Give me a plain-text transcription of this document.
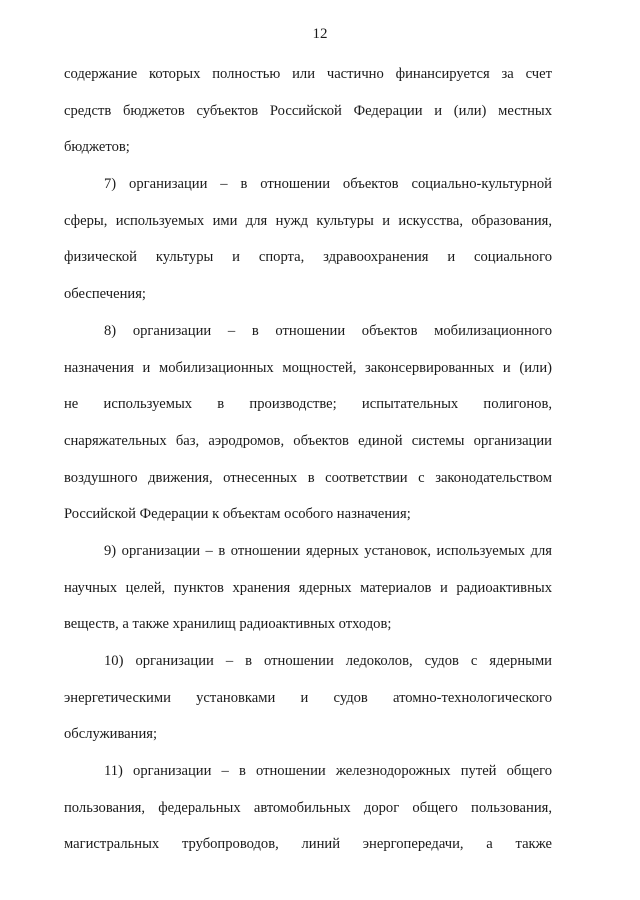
12
содержание которых полностью или частично финансируется за счет
средств бюджетов субъектов Российской Федерации и (или) местных
бюджетов;
7) организации – в отношении объектов социально-культурной
сферы, используемых ими для нужд культуры и искусства, образования,
физической культуры и спорта, здравоохранения и социального
обеспечения;
8) организации – в отношении объектов мобилизационного
назначения и мобилизационных мощностей, законсервированных и (или)
не используемых в производстве; испытательных полигонов,
снаряжательных баз, аэродромов, объектов единой системы организации
воздушного движения, отнесенных в соответствии с законодательством
Российской Федерации к объектам особого назначения;
9) организации – в отношении ядерных установок, используемых для
научных целей, пунктов хранения ядерных материалов и радиоактивных
веществ, а также хранилищ радиоактивных отходов;
10) организации – в отношении ледоколов, судов с ядерными
энергетическими установками и судов атомно-технологического
обслуживания;
11) организации – в отношении железнодорожных путей общего
пользования, федеральных автомобильных дорог общего пользования,
магистральных трубопроводов, линий энергопередачи, а также
